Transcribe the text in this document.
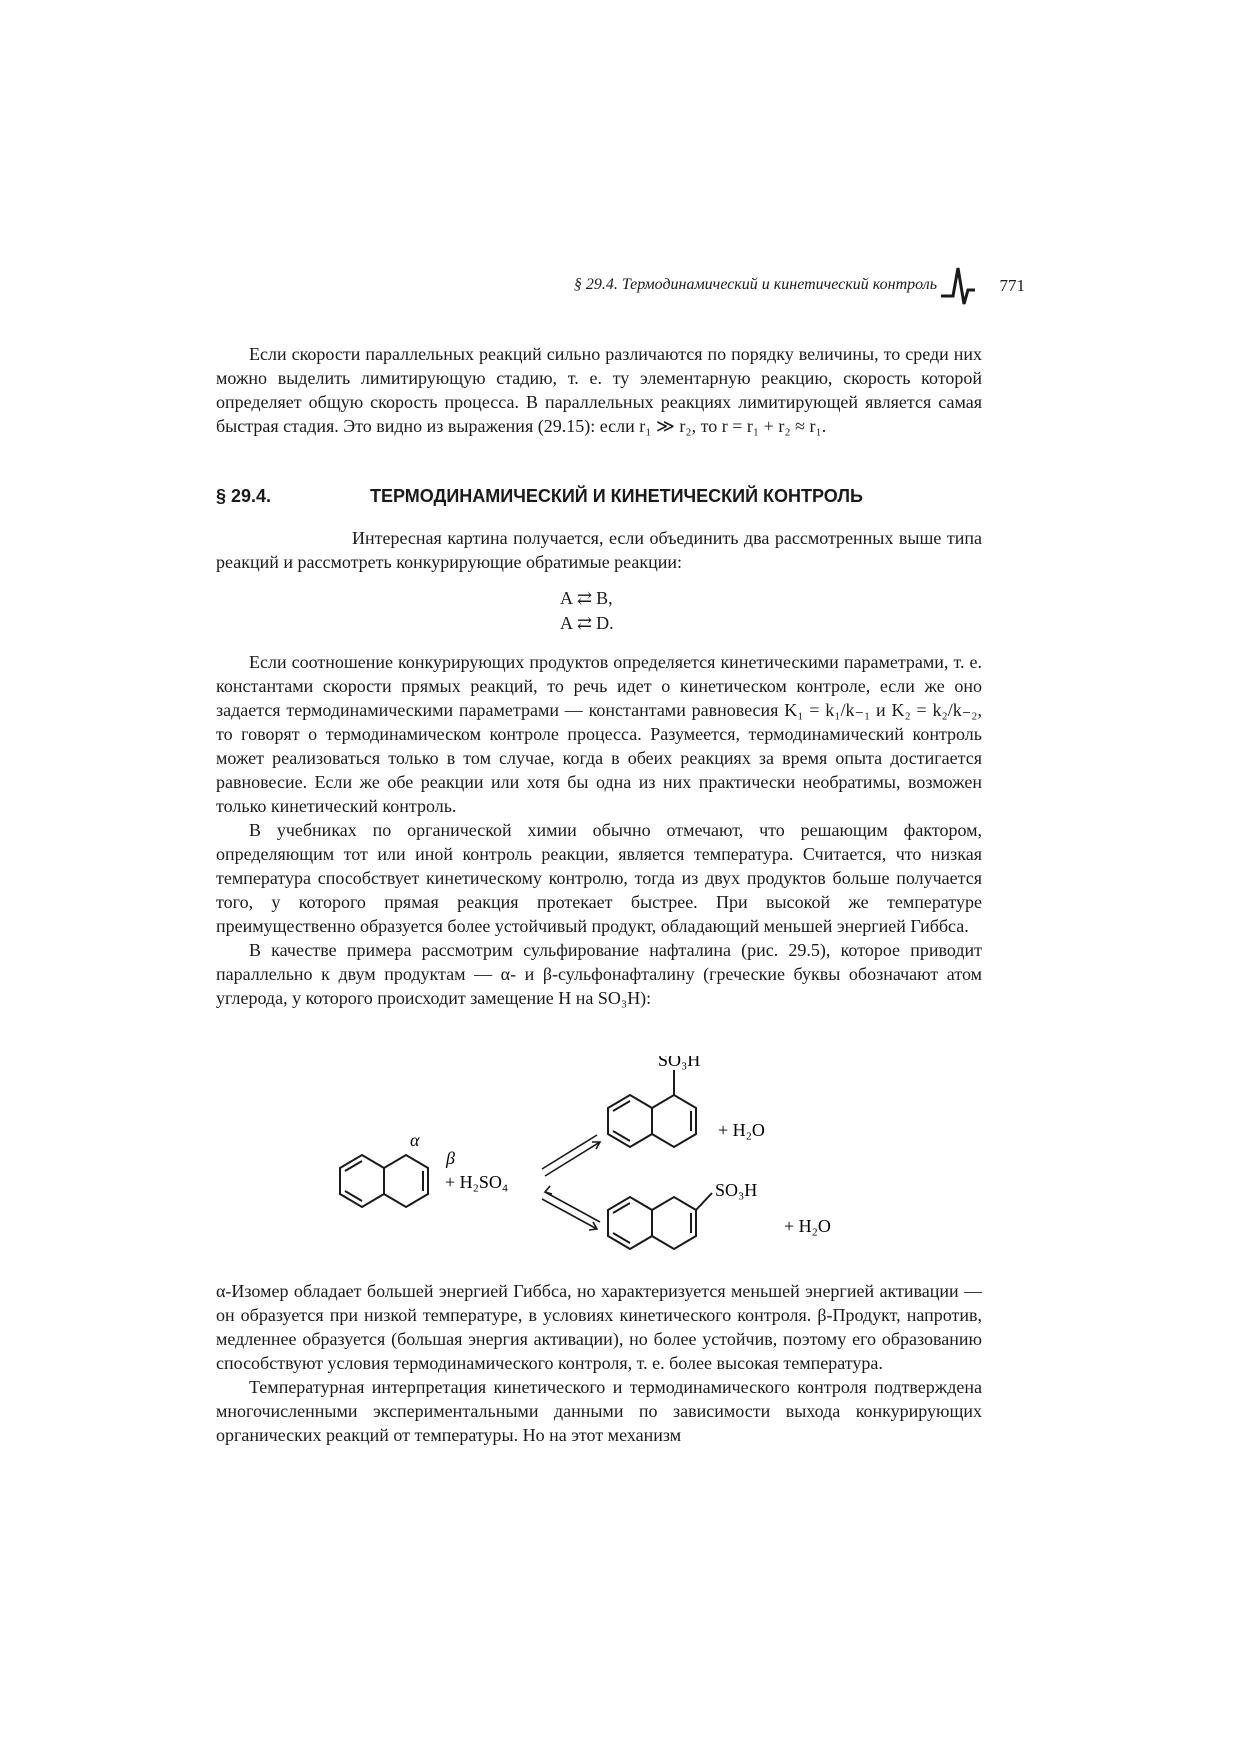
§ 29.4. Термодинамический и кинетический контроль	771

Если скорости параллельных реакций сильно различаются по порядку величины, то среди них можно выделить лимитирующую стадию, т. е. ту элементарную реакцию, скорость которой определяет общую скорость процесса. В параллельных реакциях лимитирующей является самая быстрая стадия. Это видно из выражения (29.15): если r₁ ≫ r₂, то r = r₁ + r₂ ≈ r₁.

§ 29.4.	ТЕРМОДИНАМИЧЕСКИЙ И КИНЕТИЧЕСКИЙ КОНТРОЛЬ

Интересная картина получается, если объединить два рассмотренных выше типа реакций и рассмотреть конкурирующие обратимые реакции:

A ⇄ B,
A ⇄ D.

Если соотношение конкурирующих продуктов определяется кинетическими параметрами, т. е. константами скорости прямых реакций, то речь идет о кинетическом контроле, если же оно задается термодинамическими параметрами — константами равновесия K₁ = k₁/k₋₁ и K₂ = k₂/k₋₂, то говорят о термодинамическом контроле процесса. Разумеется, термодинамический контроль может реализоваться только в том случае, когда в обеих реакциях за время опыта достигается равновесие. Если же обе реакции или хотя бы одна из них практически необратимы, возможен только кинетический контроль.

В учебниках по органической химии обычно отмечают, что решающим фактором, определяющим тот или иной контроль реакции, является температура. Считается, что низкая температура способствует кинетическому контролю, тогда из двух продуктов больше получается того, у которого прямая реакция протекает быстрее. При высокой же температуре преимущественно образуется более устойчивый продукт, обладающий меньшей энергией Гиббса.

В качестве примера рассмотрим сульфирование нафталина (рис. 29.5), которое приводит параллельно к двум продуктам — α- и β-сульфонафталину (греческие буквы обозначают атом углерода, у которого происходит замещение H на SO₃H):

α
β
+ H₂SO₄
SO₃H
+ H₂O
SO₃H
+ H₂O

α-Изомер обладает большей энергией Гиббса, но характеризуется меньшей энергией активации — он образуется при низкой температуре, в условиях кинетического контроля. β-Продукт, напротив, медленнее образуется (большая энергия активации), но более устойчив, поэтому его образованию способствуют условия термодинамического контроля, т. е. более высокая температура.

Температурная интерпретация кинетического и термодинамического контроля подтверждена многочисленными экспериментальными данными по зависимости выхода конкурирующих органических реакций от температуры. Но на этот механизм
